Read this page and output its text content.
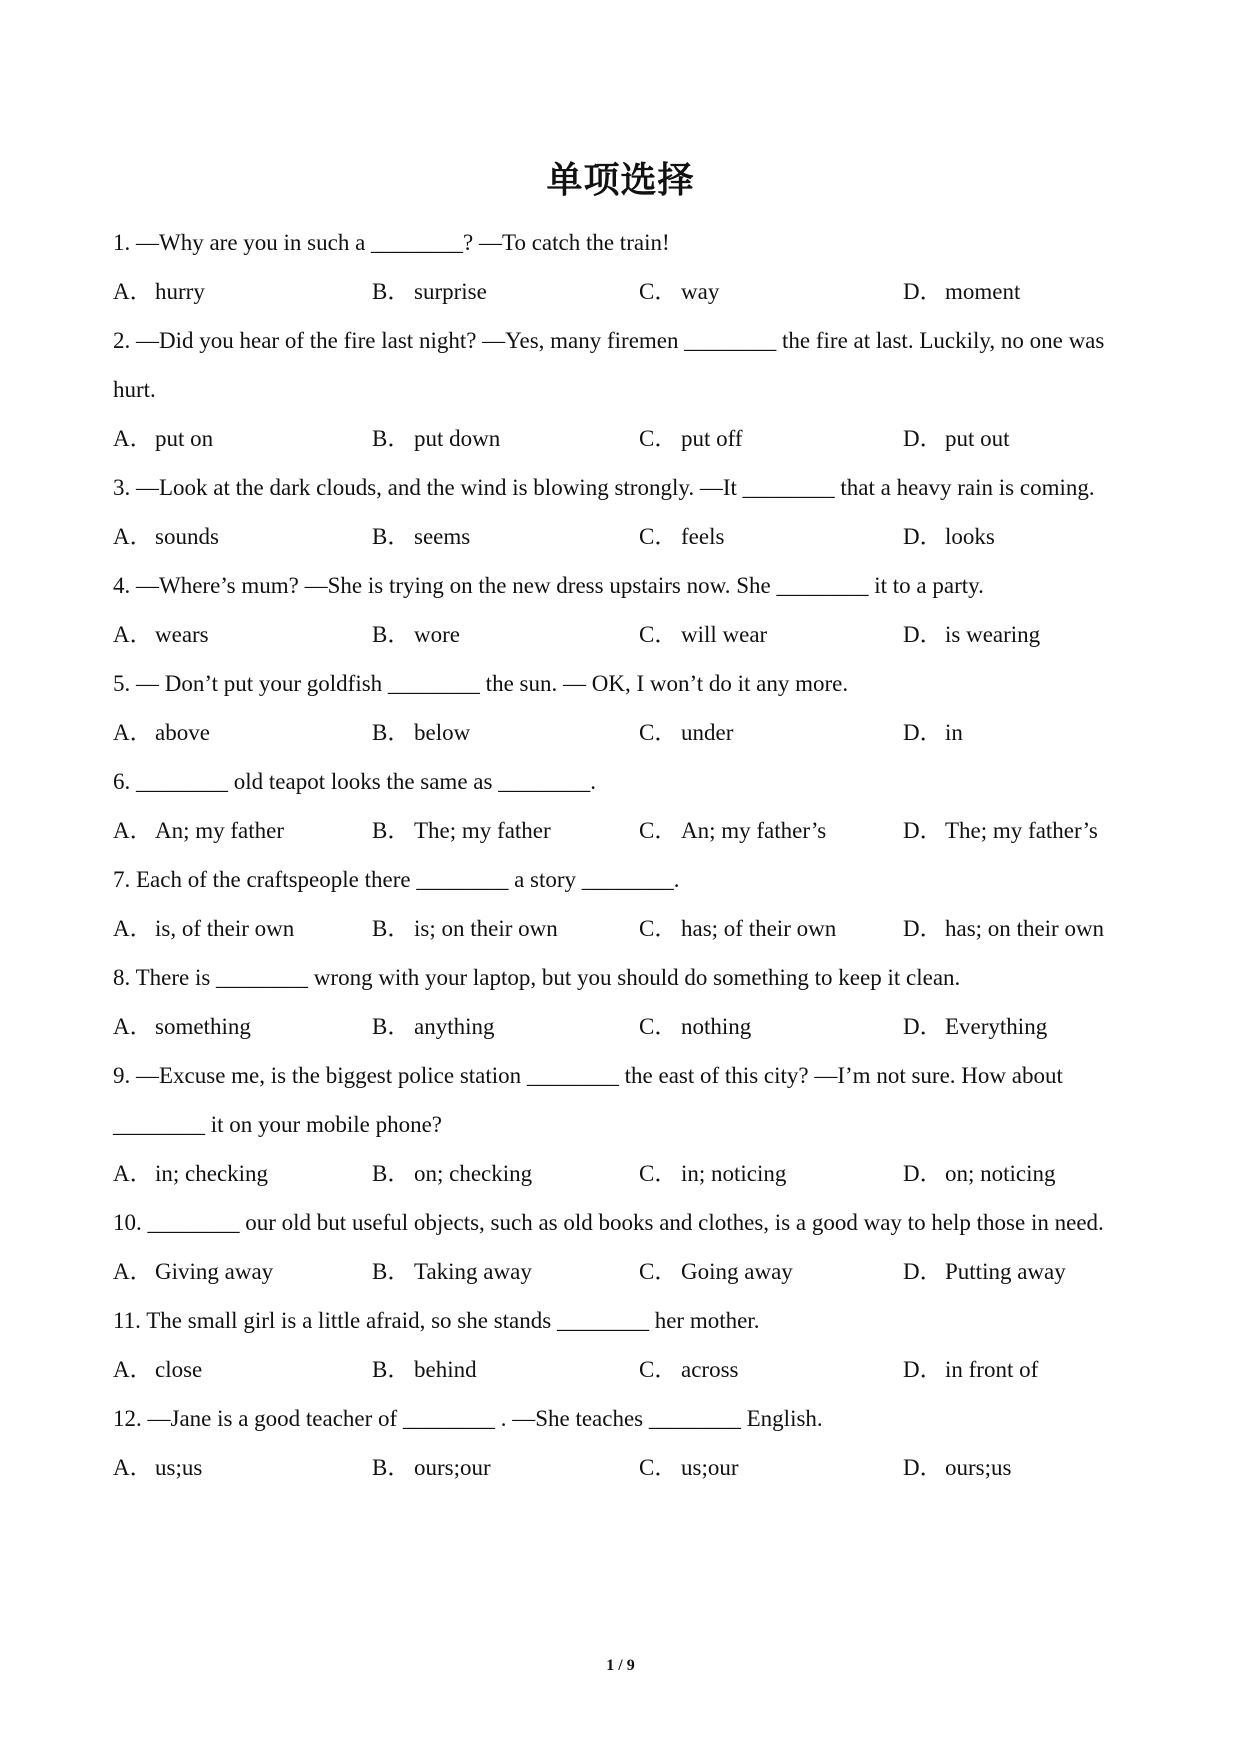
单项选择

1. —Why are you in such a ________? —To catch the train!

A． hurry	B． surprise	C． way	D． moment

2. —Did you hear of the fire last night? —Yes, many firemen ________ the fire at last. Luckily, no one was hurt.

A． put on	B． put down	C． put off	D． put out

3. —Look at the dark clouds, and the wind is blowing strongly. —It ________ that a heavy rain is coming.

A． sounds	B． seems	C． feels	D． looks

4. —Where’s mum? —She is trying on the new dress upstairs now. She ________ it to a party.

A． wears	B． wore	C． will wear	D． is wearing

5. — Don’t put your goldfish ________ the sun. — OK, I won’t do it any more.

A． above	B． below	C． under	D． in

6. ________ old teapot looks the same as ________.

A． An; my father	B． The; my father	C． An; my father’s	D． The; my father’s

7. Each of the craftspeople there ________ a story ________.

A． is, of their own	B． is; on their own	C． has; of their own	D． has; on their own

8. There is ________ wrong with your laptop, but you should do something to keep it clean.

A． something	B． anything	C． nothing	D． Everything

9. —Excuse me, is the biggest police station ________ the east of this city? —I’m not sure. How about ________ it on your mobile phone?

A． in; checking	B． on; checking	C． in; noticing	D． on; noticing

10. ________ our old but useful objects, such as old books and clothes, is a good way to help those in need.

A． Giving away	B． Taking away	C． Going away	D． Putting away

11. The small girl is a little afraid, so she stands ________ her mother.

A． close	B． behind	C． across	D． in front of

12. —Jane is a good teacher of ________ . —She teaches ________ English.

A． us;us	B． ours;our	C． us;our	D． ours;us
1 / 9
